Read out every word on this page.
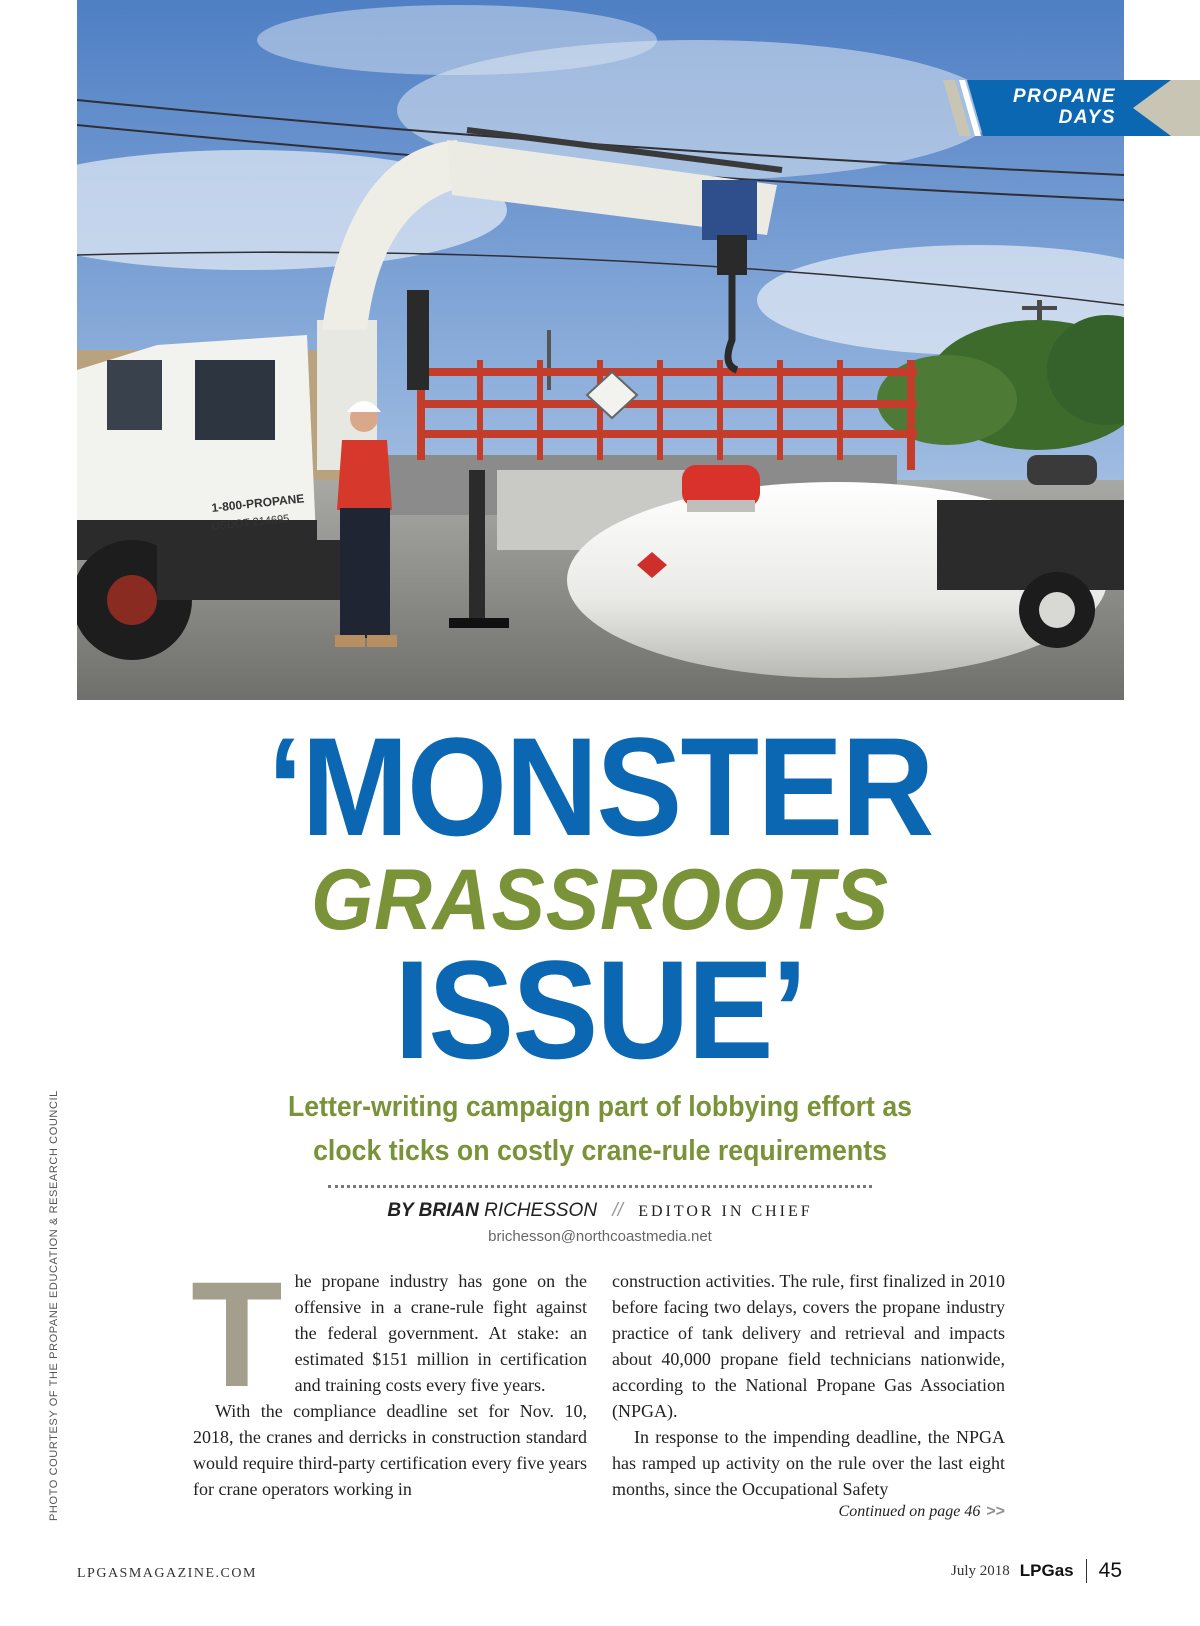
1-800-PROPANE
USDOT 214695
PROPANE
DAYS
‘MONSTER
GRASSROOTS
ISSUE’
Letter-writing campaign part of lobbying effort as
clock ticks on costly crane-rule requirements
BY BRIAN RICHESSON // EDITOR IN CHIEF
brichesson@northcoastmedia.net
T he propane industry has gone on the offensive in a crane-rule fight against the federal government. At stake: an estimated $151 million in certification and training costs every five years.

With the compliance deadline set for Nov. 10, 2018, the cranes and derricks in construction standard would require third-party certification every five years for crane operators working in

construction activities. The rule, first finalized in 2010 before facing two delays, covers the propane industry practice of tank delivery and retrieval and impacts about 40,000 propane field technicians nationwide, according to the National Propane Gas Association (NPGA).

In response to the impending deadline, the NPGA has ramped up activity on the rule over the last eight months, since the Occupational Safety

Continued on page 46 >>
PHOTO COURTESY OF THE PROPANE EDUCATION & RESEARCH COUNCIL
LPGASMAGAZINE.COM	July 2018 LPGas 45
